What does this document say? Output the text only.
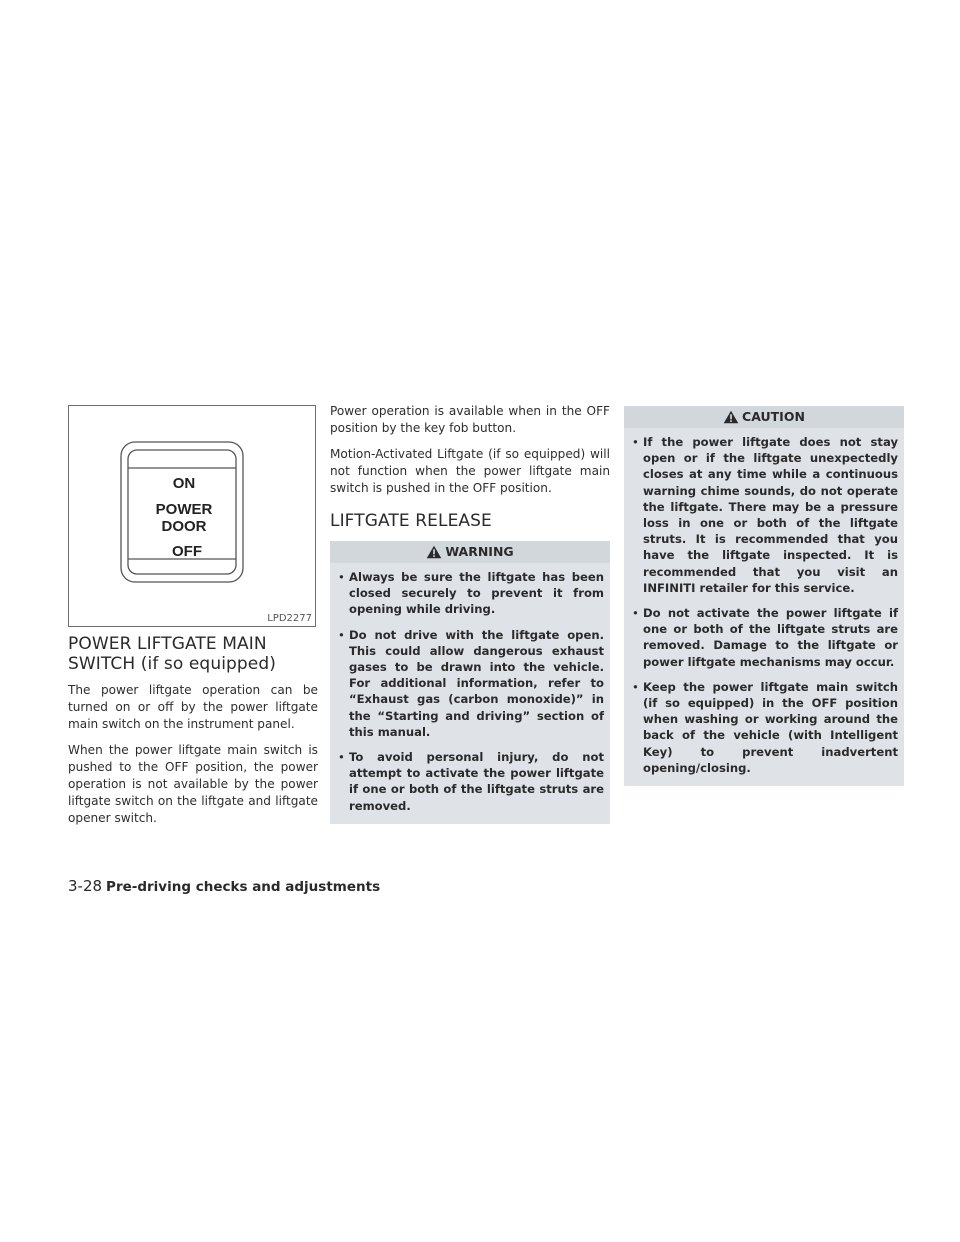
ON
POWER
DOOR
OFF
LPD2277
POWER LIFTGATE MAIN
SWITCH (if so equipped)

The power liftgate operation can be turned on or off by the power liftgate main switch on the instrument panel.

When the power liftgate main switch is pushed to the OFF position, the power operation is not available by the power liftgate switch on the liftgate and liftgate opener switch.

Power operation is available when in the OFF position by the key fob button.

Motion-Activated Liftgate (if so equipped) will not function when the power liftgate main switch is pushed in the OFF position.

LIFTGATE RELEASE
WARNING
• Always be sure the liftgate has been closed securely to prevent it from opening while driving.
• Do not drive with the liftgate open. This could allow dangerous exhaust gases to be drawn into the vehicle. For additional information, refer to “Exhaust gas (carbon monoxide)” in the “Starting and driving” section of this manual.
• To avoid personal injury, do not attempt to activate the power liftgate if one or both of the liftgate struts are removed.
CAUTION
• If the power liftgate does not stay open or if the liftgate unexpectedly closes at any time while a continuous warning chime sounds, do not operate the liftgate. There may be a pressure loss in one or both of the liftgate struts. It is recommended that you have the liftgate inspected. It is recommended that you visit an INFINITI retailer for this service.
• Do not activate the power liftgate if one or both of the liftgate struts are removed. Damage to the liftgate or power liftgate mechanisms may occur.
• Keep the power liftgate main switch (if so equipped) in the OFF position when washing or working around the back of the vehicle (with Intelligent Key) to prevent inadvertent opening/closing.
3-28 Pre-driving checks and adjustments
